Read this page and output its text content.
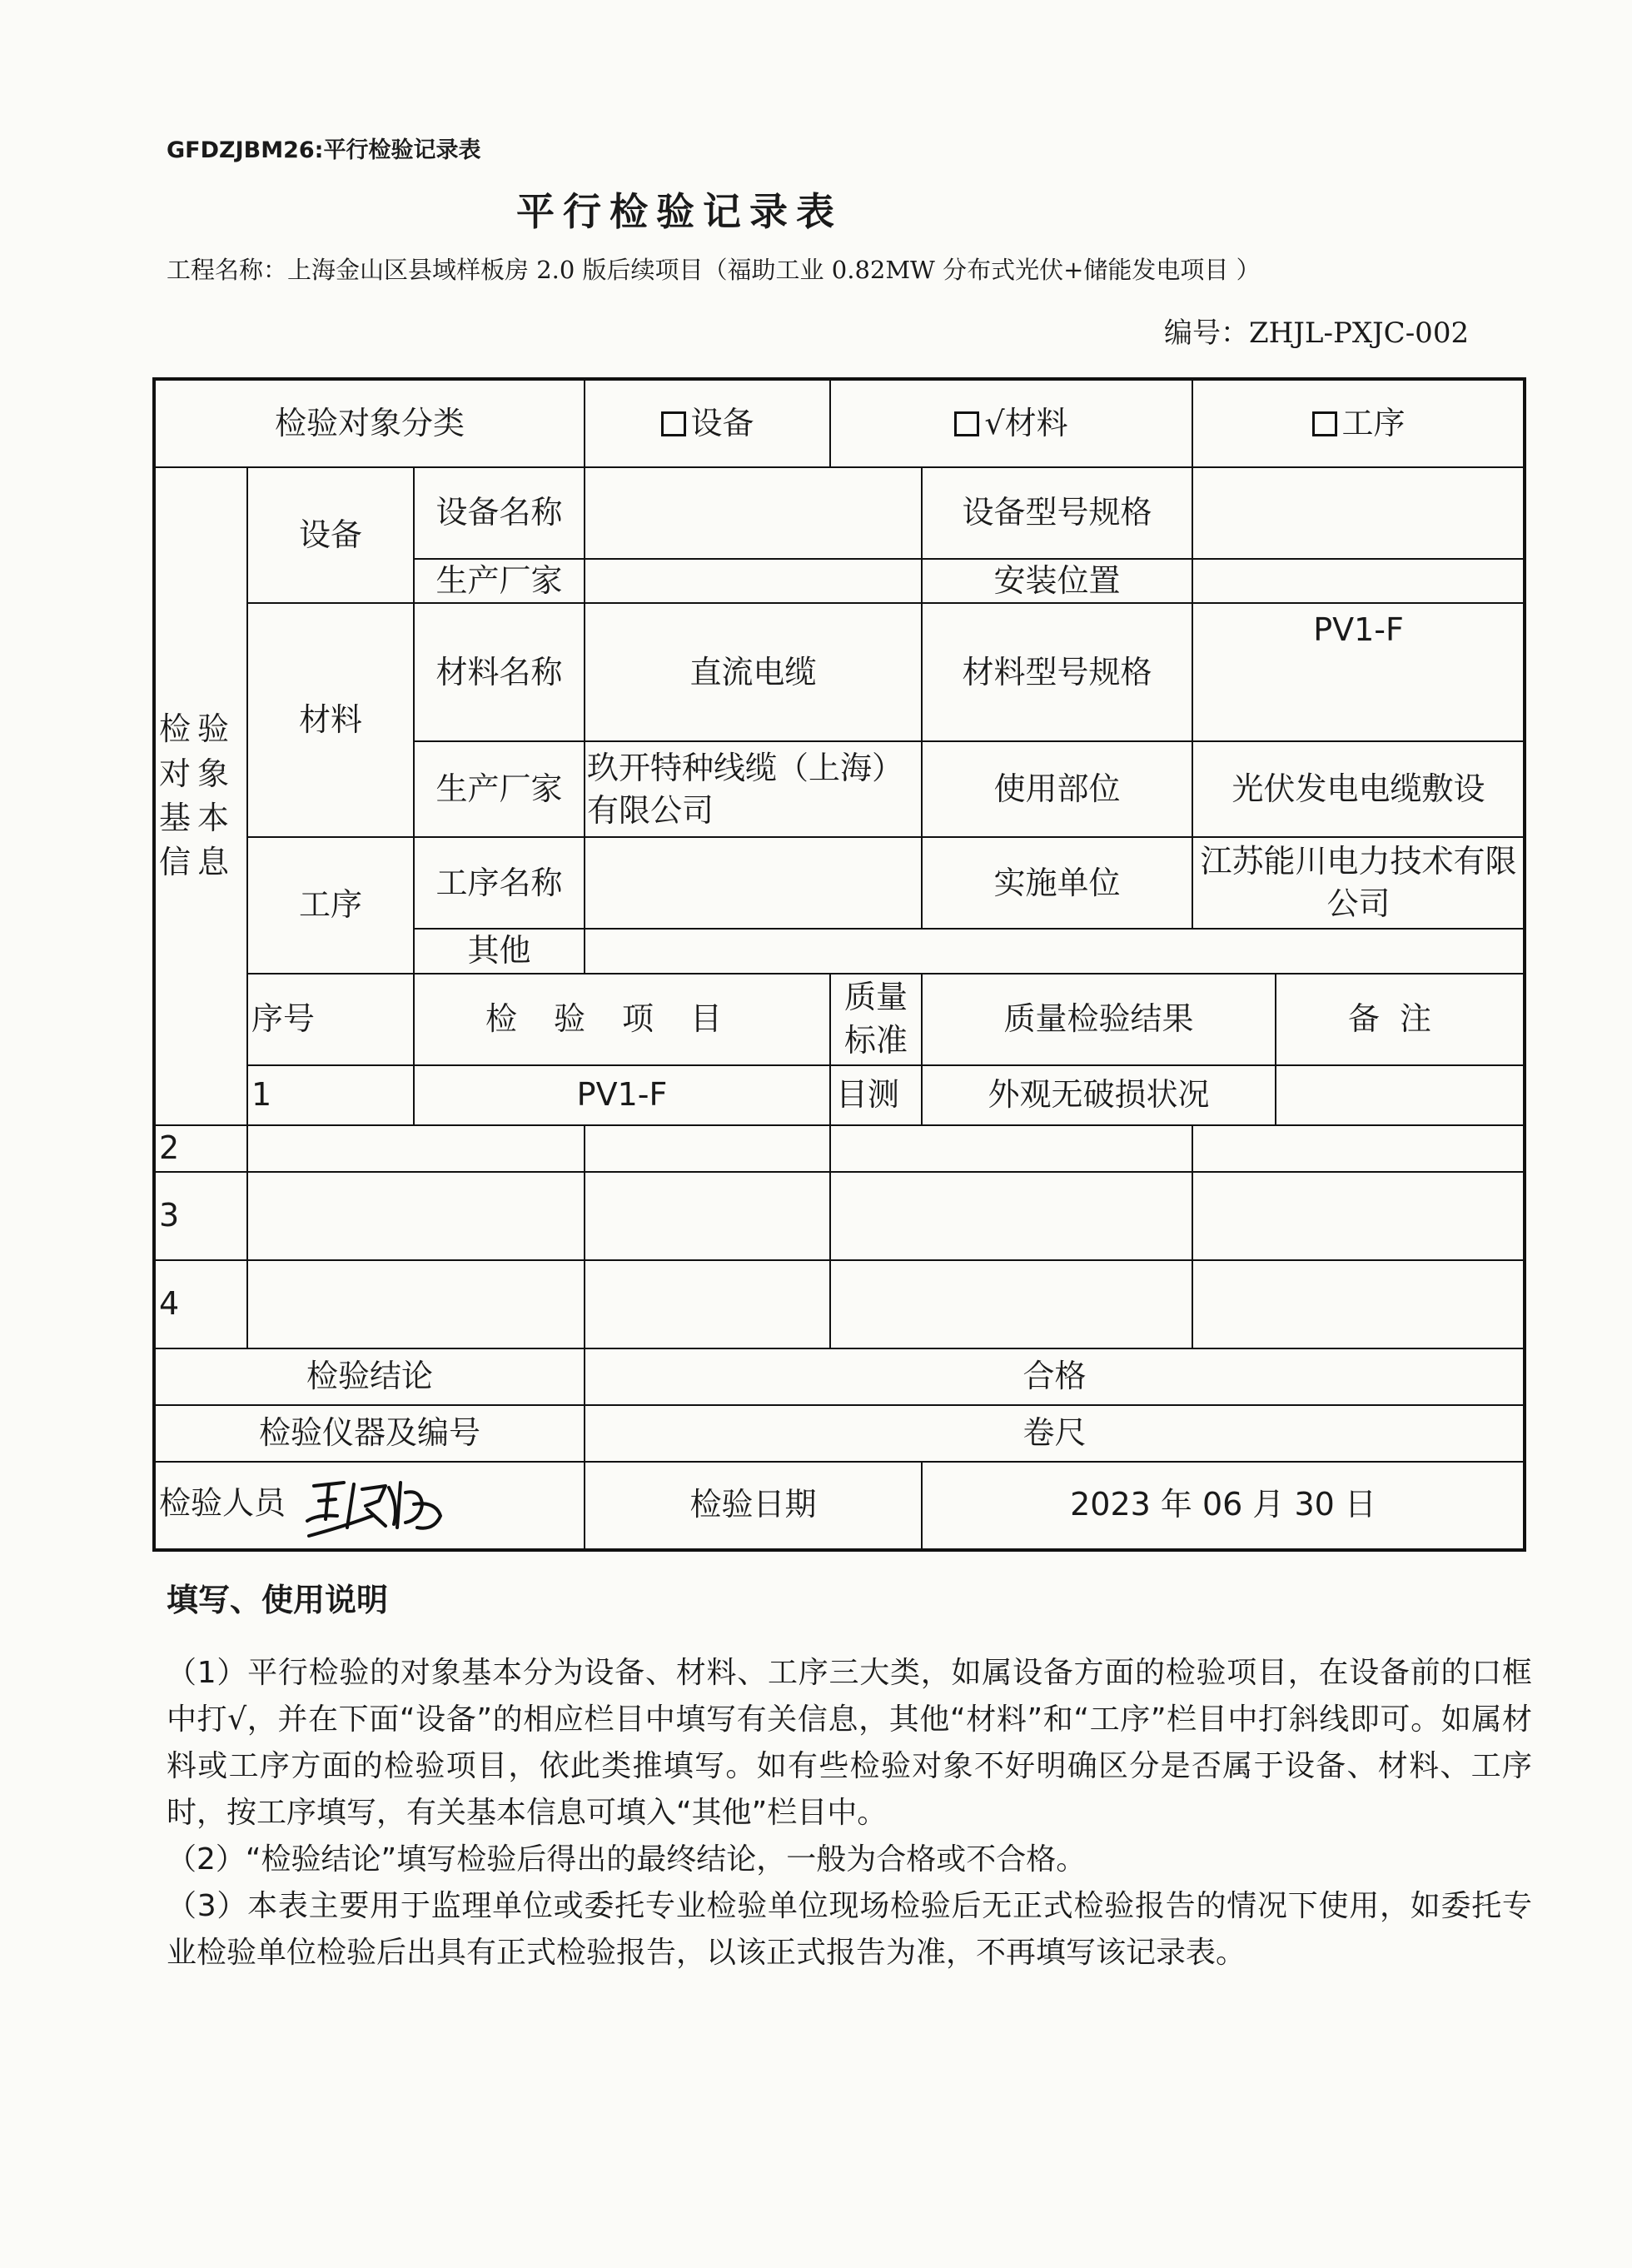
GFDZJBM26:平行检验记录表
平行检验记录表
工程名称：上海金山区县域样板房 2.0 版后续项目（福助工业 0.82MW 分布式光伏+储能发电项目 ）
编号：ZHJL-PXJC-002
检验对象分类			设备	√材料		工序	
检验对象基本信息	设备	设备名称			设备型号规格		
		生产厂家			安装位置		
	材料	材料名称	直流电缆		材料型号规格	PV1-F	
		生产厂家	玖开特种线缆（上海）有限公司		使用部位	光伏发电电缆敷设	
	工序	工序名称			实施单位	江苏能川电力技术有限公司	
		其他					
	序号	检验项目		质量标准	质量检验结果		备注
	1	PV1-F		目测	外观无破损状况		
2							
3							
4							
检验结论			合格				
检验仪器及编号			卷尺				
检验人员			检验日期		2023 年 06 月 30 日		
填写、使用说明

（1）平行检验的对象基本分为设备、材料、工序三大类，如属设备方面的检验项目，在设备前的口框中打√，并在下面“设备”的相应栏目中填写有关信息，其他“材料”和“工序”栏目中打斜线即可。如属材料或工序方面的检验项目，依此类推填写。如有些检验对象不好明确区分是否属于设备、材料、工序时，按工序填写，有关基本信息可填入“其他”栏目中。

（2）“检验结论”填写检验后得出的最终结论，一般为合格或不合格。

（3）本表主要用于监理单位或委托专业检验单位现场检验后无正式检验报告的情况下使用，如委托专业检验单位检验后出具有正式检验报告，以该正式报告为准，不再填写该记录表。
